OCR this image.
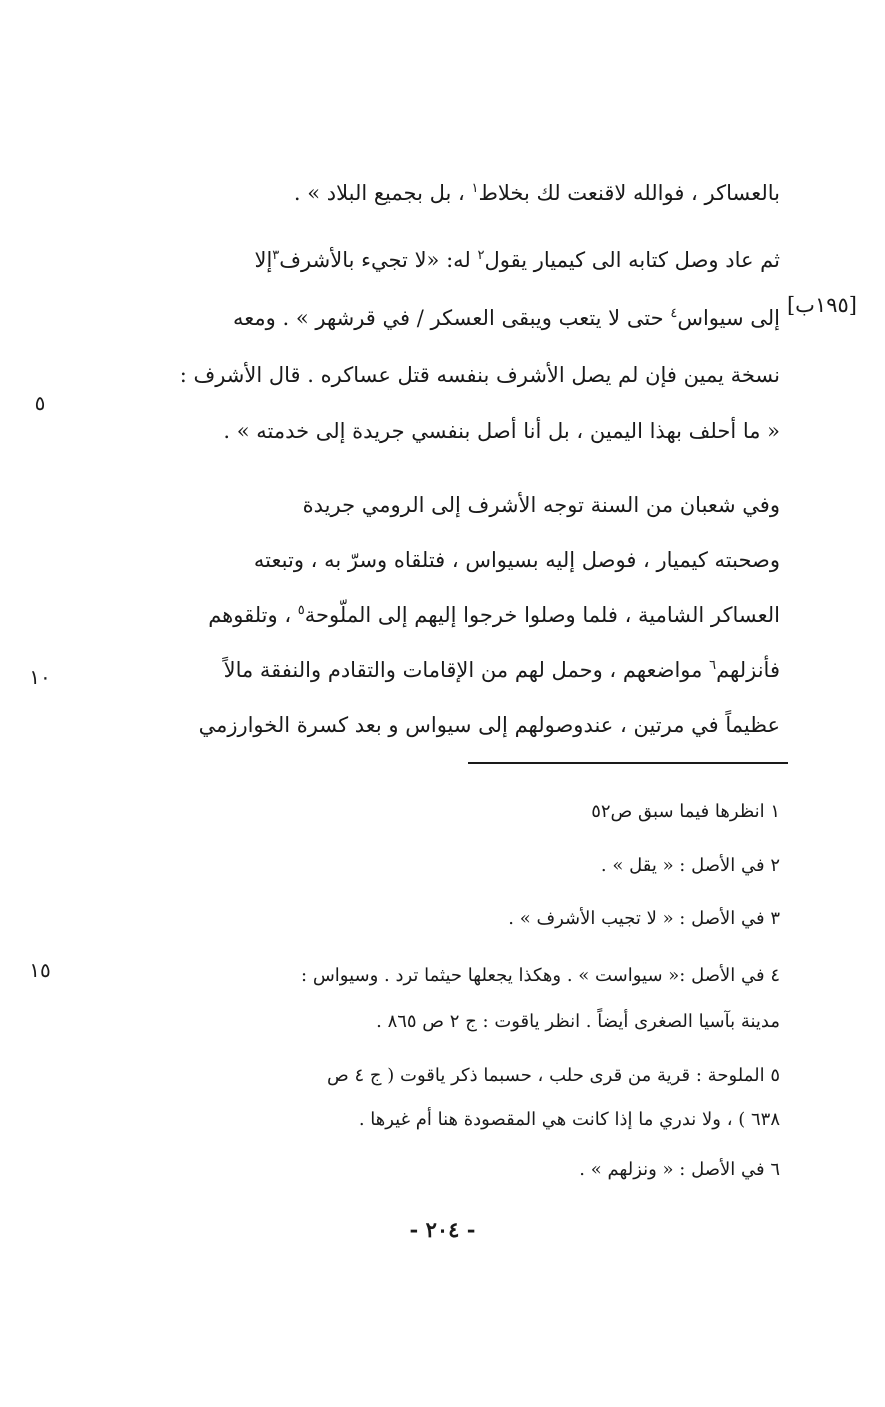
بالعساكر ، فوالله لاقنعت لك بخلاط$^١$ ، بل بجميع البلاد » .
ثم عاد وصل كتابه الى كيميار يقول$^٢$ له: «لا تجيء بالأشرف$^٣$إلا
إلى سيواس$^٤$ حتى لا يتعب ويبقى العسكر / في قرشهر » . ومعه
[١٩٥ب]
نسخة يمين فإن لم يصل الأشرف بنفسه قتل عساكره . قال الأشرف :
٥
« ما أحلف بهذا اليمين ، بل أنا أصل بنفسي جريدة إلى خدمته » .
وفي شعبان من السنة توجه الأشرف إلى الرومي جريدة
وصحبته كيميار ، فوصل إليه بسيواس ، فتلقاه وسرّ به ، وتبعته
العساكر الشامية ، فلما وصلوا خرجوا إليهم إلى الملّوحة$^٥$ ، وتلقوهم
فأنزلهم$^٦$ مواضعهم ، وحمل لهم من الإقامات والتقادم والنفقة مالاً
١٠
عظيماً في مرتين ، عندوصولهم إلى سيواس و بعد كسرة الخوارزمي
١ انظرها فيما سبق ص٥٢
٢ في الأصل : « يقل » .
٣ في الأصل : « لا تجيب الأشرف » .
٤ في الأصل :« سيواست » . وهكذا يجعلها حيثما ترد . وسيواس :
١٥
مدينة بآسيا الصغرى أيضاً . انظر ياقوت : ج ٢ ص ٨٦٥ .
٥ الملوحة : قرية من قرى حلب ، حسبما ذكر ياقوت ( ج ٤ ص
٦٣٨ ) ، ولا ندري ما إذا كانت هي المقصودة هنا أم غيرها .
٦ في الأصل : « ونزلهم » .
- ٢٠٤ -
